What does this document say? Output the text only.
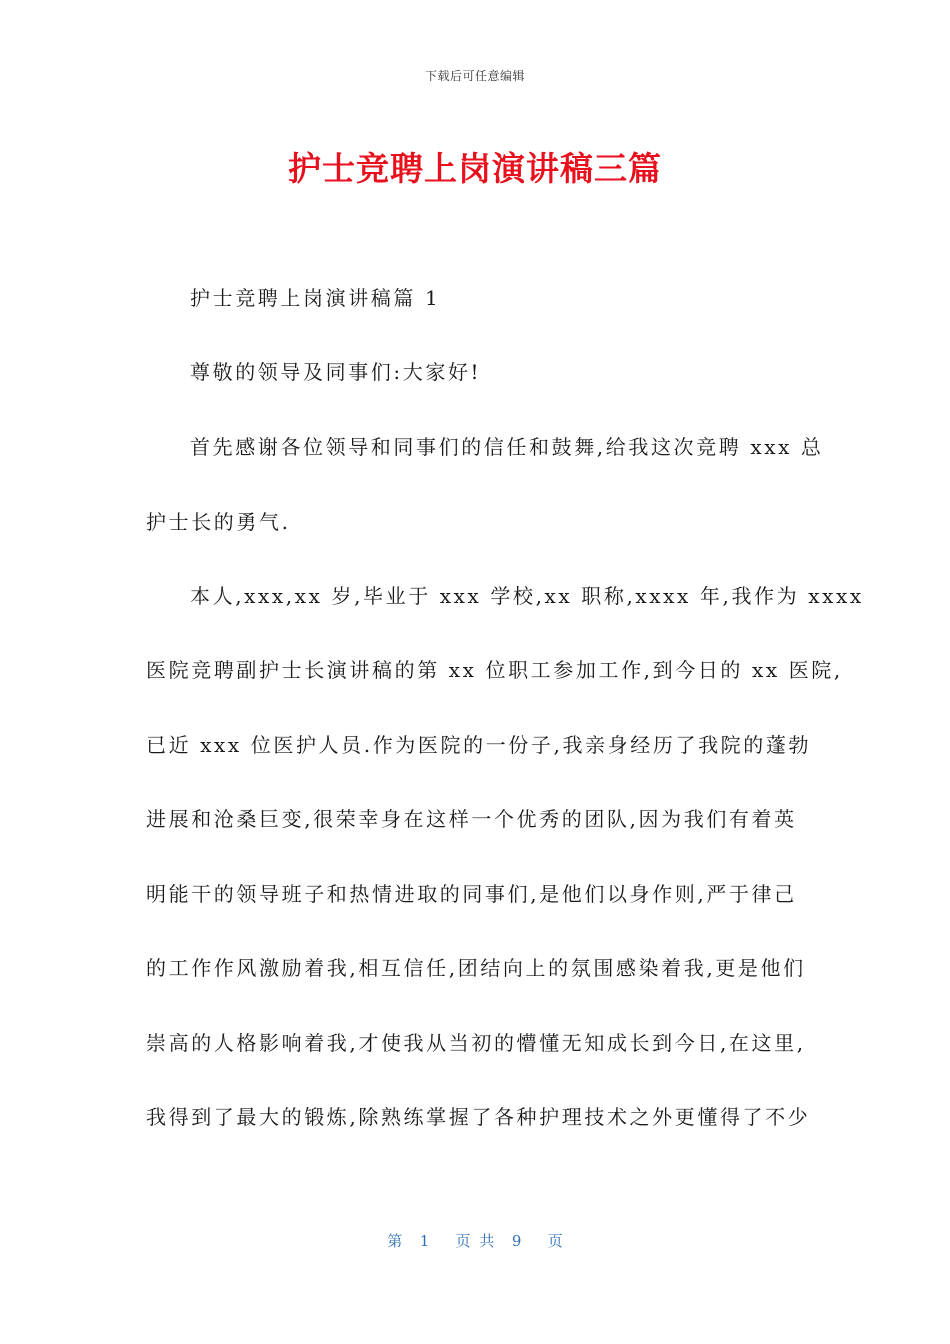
下载后可任意编辑
护士竞聘上岗演讲稿三篇
护士竞聘上岗演讲稿篇 1
尊敬的领导及同事们:大家好!
首先感谢各位领导和同事们的信任和鼓舞,给我这次竞聘 xxx 总
护士长的勇气.
本人,xxx,xx 岁,毕业于 xxx 学校,xx 职称,xxxx 年,我作为 xxxx
医院竞聘副护士长演讲稿的第 xx 位职工参加工作,到今日的 xx 医院,
已近 xxx 位医护人员.作为医院的一份子,我亲身经历了我院的蓬勃
进展和沧桑巨变,很荣幸身在这样一个优秀的团队,因为我们有着英
明能干的领导班子和热情进取的同事们,是他们以身作则,严于律己
的工作作风激励着我,相互信任,团结向上的氛围感染着我,更是他们
崇高的人格影响着我,才使我从当初的懵懂无知成长到今日,在这里,
我得到了最大的锻炼,除熟练掌握了各种护理技术之外更懂得了不少
第  1   页 共  9   页
